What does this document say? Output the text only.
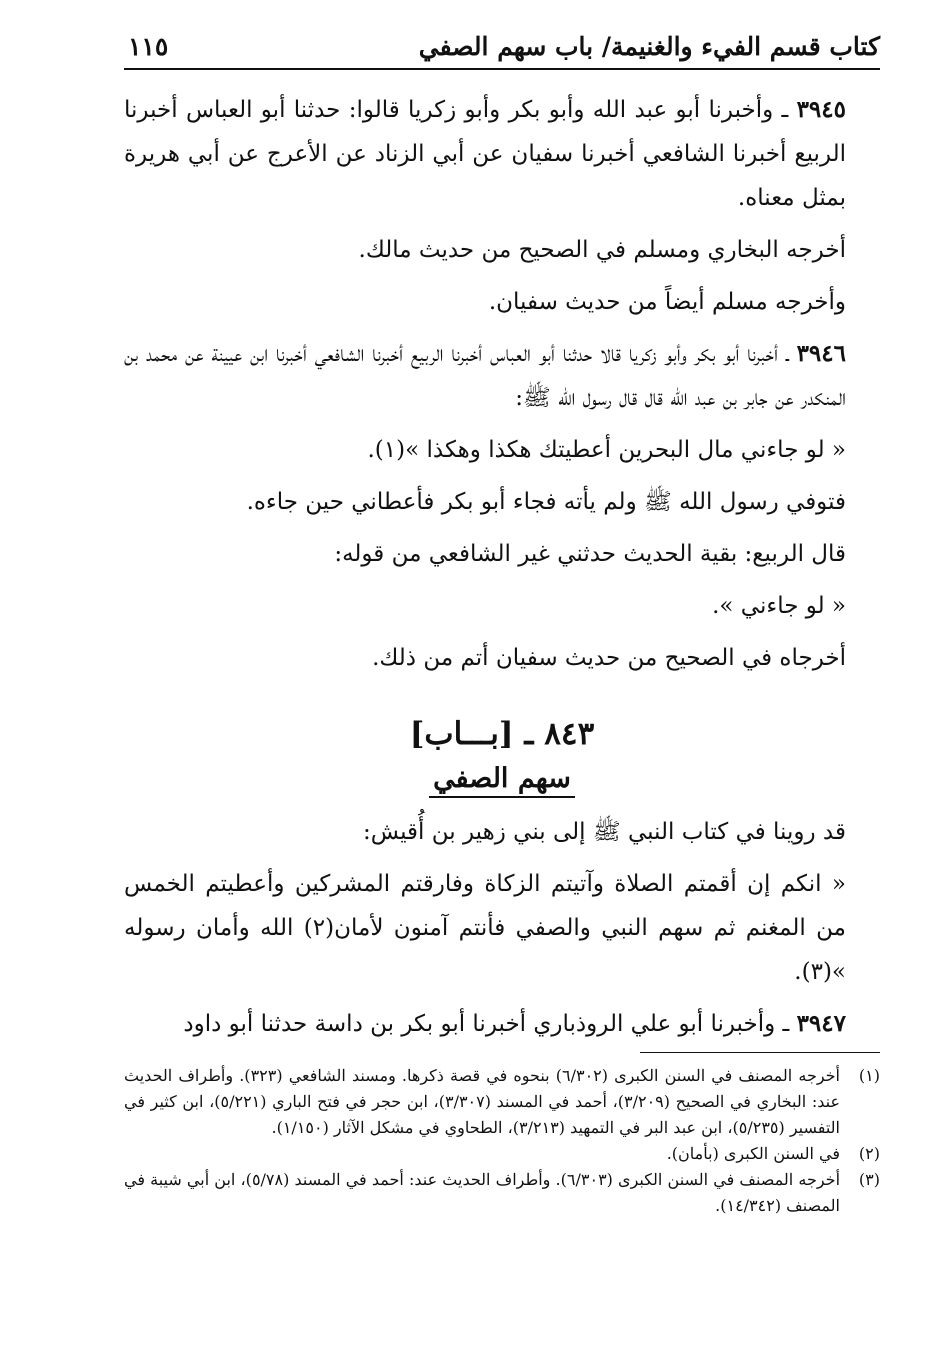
كتاب قسم الفيء والغنيمة/ باب سهم الصفي
١١٥

٣٩٤٥ ـ وأخبرنا أبو عبد الله وأبو بكر وأبو زكريا قالوا: حدثنا أبو العباس أخبرنا الربيع أخبرنا الشافعي أخبرنا سفيان عن أبي الزناد عن الأعرج عن أبي هريرة بمثل معناه.

أخرجه البخاري ومسلم في الصحيح من حديث مالك.

وأخرجه مسلم أيضاً من حديث سفيان.

٣٩٤٦ ـ أخبرنا أبو بكر وأبو زكريا قالا حدثنا أبو العباس أخبرنا الربيع أخبرنا الشافعي أخبرنا ابن عيينة عن محمد بن المنكدر عن جابر بن عبد الله قال قال رسول الله ﷺ:

« لو جاءني مال البحرين أعطيتك هكذا وهكذا »(١).

فتوفي رسول الله ﷺ ولم يأته فجاء أبو بكر فأعطاني حين جاءه.

قال الربيع: بقية الحديث حدثني غير الشافعي من قوله:

« لو جاءني ».

أخرجاه في الصحيح من حديث سفيان أتم من ذلك.

٨٤٣ ـ [بـــاب]
سهم الصفي

قد روينا في كتاب النبي ﷺ إلى بني زهير بن أُقيش:

« انكم إن أقمتم الصلاة وآتيتم الزكاة وفارقتم المشركين وأعطيتم الخمس من المغنم ثم سهم النبي والصفي فأنتم آمنون لأمان(٢) الله وأمان رسوله »(٣).

٣٩٤٧ ـ وأخبرنا أبو علي الروذباري أخبرنا أبو بكر بن داسة حدثنا أبو داود

(١)
أخرجه المصنف في السنن الكبرى (٦/٣٠٢) بنحوه في قصة ذكرها. ومسند الشافعي (٣٢٣). وأطراف الحديث عند: البخاري في الصحيح (٣/٢٠٩)، أحمد في المسند (٣/٣٠٧)، ابن حجر في فتح الباري (٥/٢٢١)، ابن كثير في التفسير (٥/٢٣٥)، ابن عبد البر في التمهيد (٣/٢١٣)، الطحاوي في مشكل الآثار (١/١٥٠).
(٢)
في السنن الكبرى (بأمان).
(٣)
أخرجه المصنف في السنن الكبرى (٦/٣٠٣). وأطراف الحديث عند: أحمد في المسند (٥/٧٨)، ابن أبي شيبة في المصنف (١٤/٣٤٢).
